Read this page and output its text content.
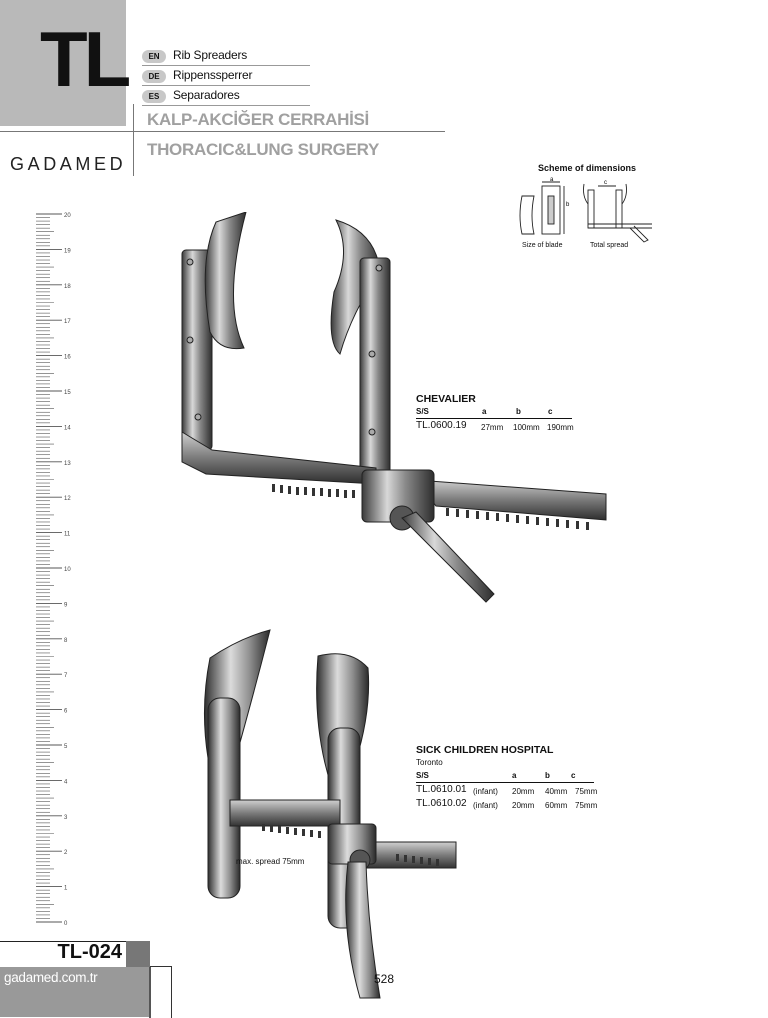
TL	EN	Rib Spreaders
DE	Rippenssperrer
ES	Separadores
KALP-AKCİĞER CERRAHİSİ
THORACIC&LUNG SURGERY
GADAMED	Scheme of dimensions
a
b
c
Size of blade	Total spread
20
19
18
17
16
15
14
13
12
11
10
9
8
7
6
5
4
3
2
1
0
CHEVALIER
S/S	a	b	c
TL.0600.19 27mm 100mm 190mm
SICK CHILDREN HOSPITAL
Toronto
S/S	a	b	c
TL.0610.01 (infant) 20mm 40mm 75mm
TL.0610.02 (infant) 20mm 60mm 75mm
max. spread 75mm
TL-024
gadamed.com.tr	528
